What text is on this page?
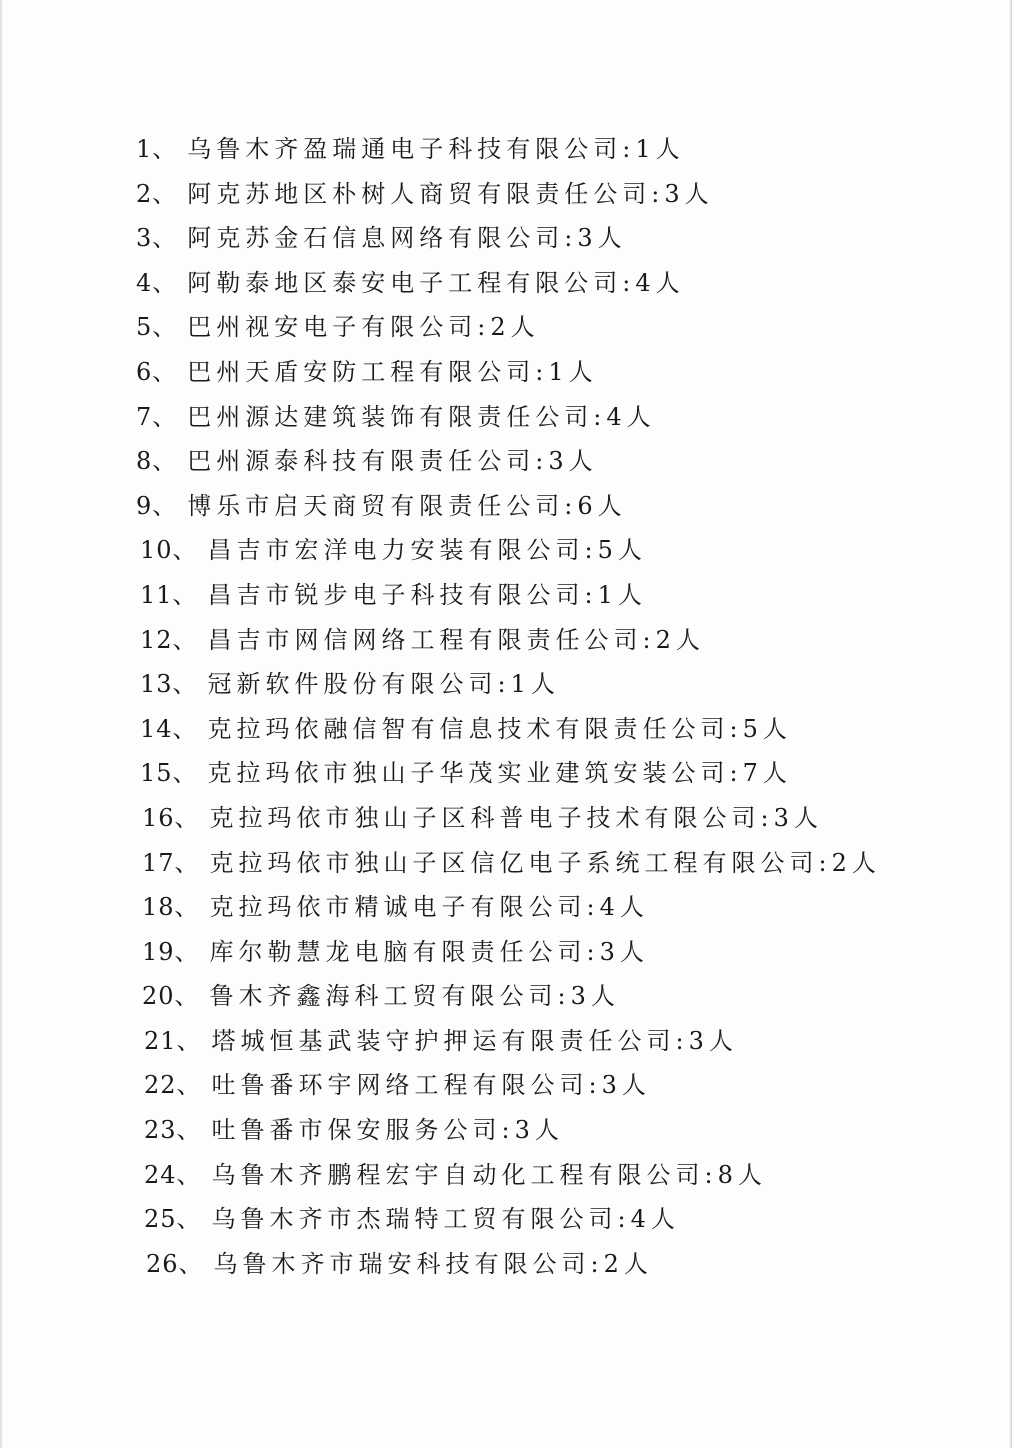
1、 乌鲁木齐盈瑞通电子科技有限公司:1人
2、 阿克苏地区朴树人商贸有限责任公司:3人
3、 阿克苏金石信息网络有限公司:3人
4、 阿勒泰地区泰安电子工程有限公司:4人
5、 巴州视安电子有限公司:2人
6、 巴州天盾安防工程有限公司:1人
7、 巴州源达建筑装饰有限责任公司:4人
8、 巴州源泰科技有限责任公司:3人
9、 博乐市启天商贸有限责任公司:6人
10、 昌吉市宏洋电力安装有限公司:5人
11、 昌吉市锐步电子科技有限公司:1人
12、 昌吉市网信网络工程有限责任公司:2人
13、 冠新软件股份有限公司:1人
14、 克拉玛依融信智有信息技术有限责任公司:5人
15、 克拉玛依市独山子华茂实业建筑安装公司:7人
16、 克拉玛依市独山子区科普电子技术有限公司:3人
17、 克拉玛依市独山子区信亿电子系统工程有限公司:2人
18、 克拉玛依市精诚电子有限公司:4人
19、 库尔勒慧龙电脑有限责任公司:3人
20、 鲁木齐鑫海科工贸有限公司:3人
21、 塔城恒基武装守护押运有限责任公司:3人
22、 吐鲁番环宇网络工程有限公司:3人
23、 吐鲁番市保安服务公司:3人
24、 乌鲁木齐鹏程宏宇自动化工程有限公司:8人
25、 乌鲁木齐市杰瑞特工贸有限公司:4人
26、 乌鲁木齐市瑞安科技有限公司:2人
